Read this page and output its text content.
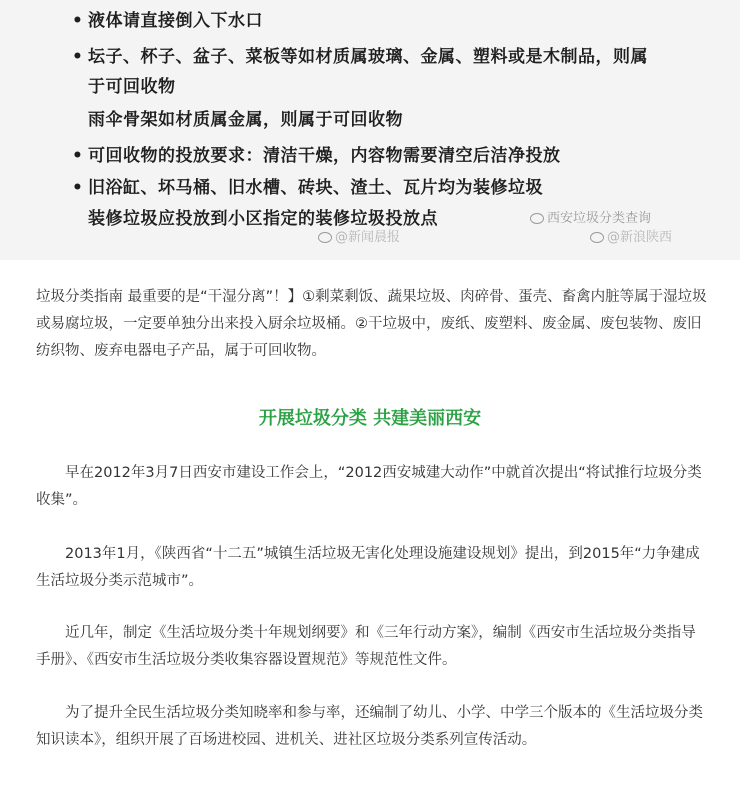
• 液体请直接倒入下水口
• 坛子、杯子、盆子、菜板等如材质属玻璃、金属、塑料或是木制品，则属
于可回收物
雨伞骨架如材质属金属，则属于可回收物
• 可回收物的投放要求：清洁干燥，内容物需要清空后洁净投放
• 旧浴缸、坏马桶、旧水槽、砖块、渣土、瓦片均为装修垃圾
装修垃圾应投放到小区指定的装修垃圾投放点	西安垃圾分类查询
@新闻晨报	@新浪陕西
垃圾分类指南 最重要的是“干湿分离”！】①剩菜剩饭、蔬果垃圾、肉碎骨、蛋壳、畜禽内脏等属于湿垃圾或易腐垃圾，一定要单独分出来投入厨余垃圾桶。②干垃圾中，废纸、废塑料、废金属、废包装物、废旧纺织物、废弃电器电子产品，属于可回收物。
开展垃圾分类 共建美丽西安
早在2012年3月7日西安市建设工作会上，“2012西安城建大动作”中就首次提出“将试推行垃圾分类收集”。
2013年1月，《陕西省“十二五”城镇生活垃圾无害化处理设施建设规划》提出，到2015年“力争建成生活垃圾分类示范城市”。
近几年，制定《生活垃圾分类十年规划纲要》和《三年行动方案》，编制《西安市生活垃圾分类指导手册》、《西安市生活垃圾分类收集容器设置规范》等规范性文件。
为了提升全民生活垃圾分类知晓率和参与率，还编制了幼儿、小学、中学三个版本的《生活垃圾分类知识读本》，组织开展了百场进校园、进机关、进社区垃圾分类系列宣传活动。
